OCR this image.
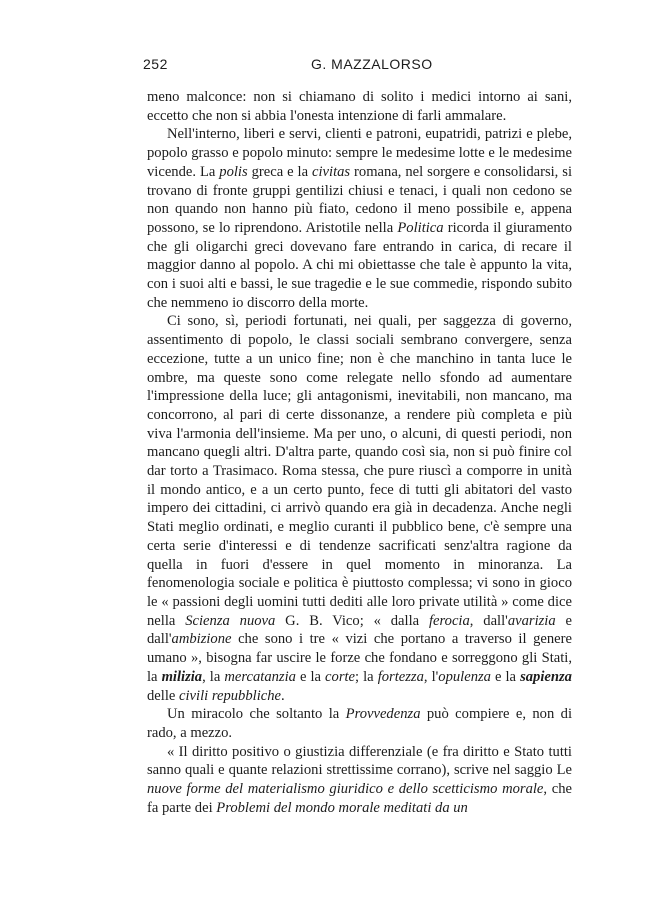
252	G. MAZZALORSO

meno malconce: non si chiamano di solito i medici intorno ai sani, eccetto che non si abbia l'onesta intenzione di farli ammalare.

Nell'interno, liberi e servi, clienti e patroni, eupatridi, patrizi e plebe, popolo grasso e popolo minuto: sempre le medesime lotte e le medesime vicende. La polis greca e la civitas romana, nel sorgere e consolidarsi, si trovano di fronte gruppi gentilizi chiusi e tenaci, i quali non cedono se non quando non hanno più fiato, cedono il meno possibile e, appena possono, se lo riprendono. Aristotile nella Politica ricorda il giuramento che gli oligarchi greci dovevano fare entrando in carica, di recare il maggior danno al popolo. A chi mi obiettasse che tale è appunto la vita, con i suoi alti e bassi, le sue tragedie e le sue commedie, rispondo subito che nemmeno io discorro della morte.

Ci sono, sì, periodi fortunati, nei quali, per saggezza di governo, assentimento di popolo, le classi sociali sembrano convergere, senza eccezione, tutte a un unico fine; non è che manchino in tanta luce le ombre, ma queste sono come relegate nello sfondo ad aumentare l'impressione della luce; gli antagonismi, inevitabili, non mancano, ma concorrono, al pari di certe dissonanze, a rendere più completa e più viva l'armonia dell'insieme. Ma per uno, o alcuni, di questi periodi, non mancano quegli altri. D'altra parte, quando così sia, non si può finire col dar torto a Trasimaco. Roma stessa, che pure riuscì a comporre in unità il mondo antico, e a un certo punto, fece di tutti gli abitatori del vasto impero dei cittadini, ci arrivò quando era già in decadenza. Anche negli Stati meglio ordinati, e meglio curanti il pubblico bene, c'è sempre una certa serie d'interessi e di tendenze sacrificati senz'altra ragione da quella in fuori d'essere in quel momento in minoranza. La fenomenologia sociale e politica è piuttosto complessa; vi sono in gioco le « passioni degli uomini tutti dediti alle loro private utilità » come dice nella Scienza nuova G. B. Vico; « dalla ferocia, dall'avarizia e dall'ambizione che sono i tre « vizi che portano a traverso il genere umano », bisogna far uscire le forze che fondano e sorreggono gli Stati, la milizia, la mercatanzia e la corte; la fortezza, l'opulenza e la sapienza delle civili repubbliche.

Un miracolo che soltanto la Provvedenza può compiere e, non di rado, a mezzo.

« Il diritto positivo o giustizia differenziale (e fra diritto e Stato tutti sanno quali e quante relazioni strettissime corrano), scrive nel saggio Le nuove forme del materialismo giuridico e dello scetticismo morale, che fa parte dei Problemi del mondo morale meditati da un
